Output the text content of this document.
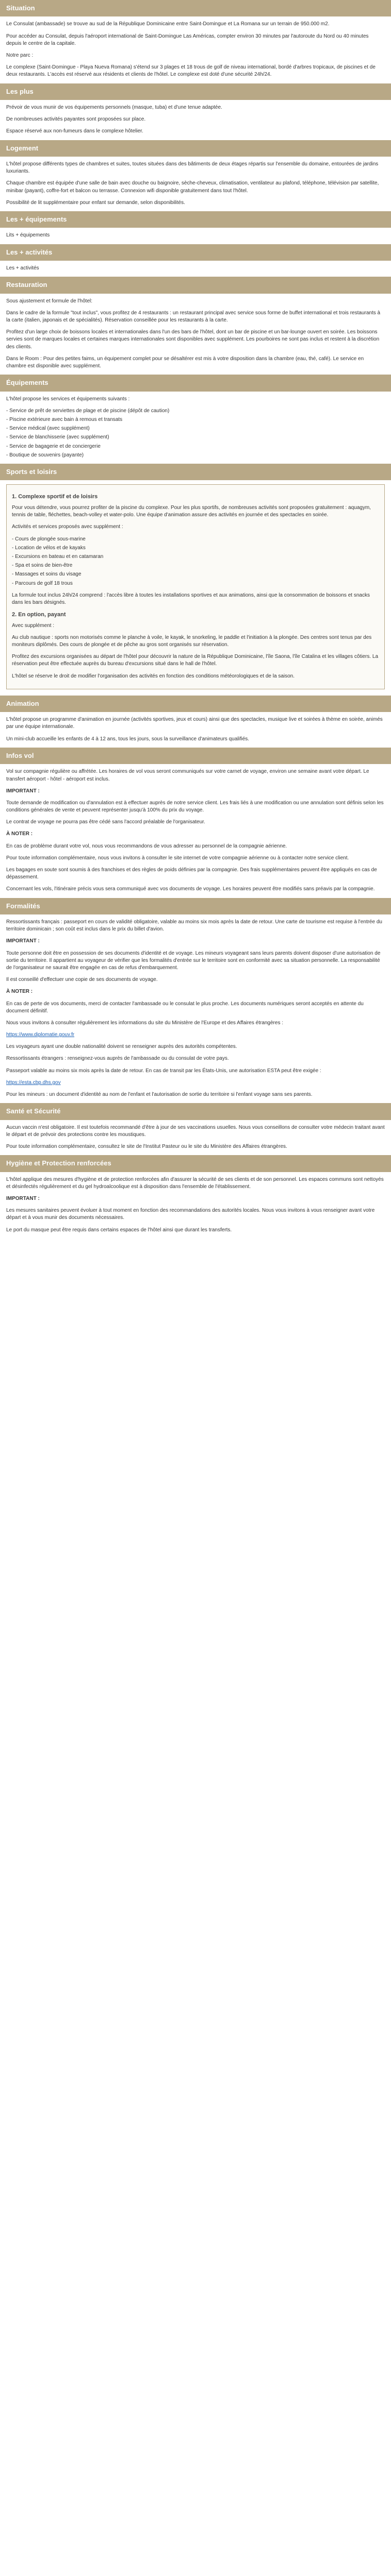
Situation

Le Consulat (ambassade) se trouve au sud de la République Dominicaine entre Saint-Domingue et La Romana sur un terrain de 950.000 m2.

Pour accéder au Consulat, depuis l'aéroport international de Saint-Domingue Las Américas, compter environ 30 minutes par l'autoroute du Nord ou 40 minutes depuis le centre de la capitale.

Notre parc :

Le complexe (Saint-Domingue - Playa Nueva Romana) s'étend sur 3 plages et 18 trous de golf de niveau international, bordé d'arbres tropicaux, de piscines et de deux restaurants. L'accès est réservé aux résidents et clients de l'hôtel. Le complexe est doté d'une sécurité 24h/24.

Les plus

Prévoir de vous munir de vos équipements personnels (masque, tuba) et d'une tenue adaptée.

De nombreuses activités payantes sont proposées sur place.

Espace réservé aux non-fumeurs dans le complexe hôtelier.

Logement

L'hôtel propose différents types de chambres et suites, toutes situées dans des bâtiments de deux étages répartis sur l'ensemble du domaine, entourées de jardins luxuriants.

Chaque chambre est équipée d'une salle de bain avec douche ou baignoire, sèche-cheveux, climatisation, ventilateur au plafond, téléphone, télévision par satellite, minibar (payant), coffre-fort et balcon ou terrasse. Connexion wifi disponible gratuitement dans tout l'hôtel.

Possibilité de lit supplémentaire pour enfant sur demande, selon disponibilités.

Les + équipements

Lits + équipements

Les + activités

Les + activités

Restauration

Sous ajustement et formule de l'hôtel:

Dans le cadre de la formule "tout inclus", vous profitez de 4 restaurants : un restaurant principal avec service sous forme de buffet international et trois restaurants à la carte (italien, japonais et de spécialités). Réservation conseillée pour les restaurants à la carte.

Profitez d'un large choix de boissons locales et internationales dans l'un des bars de l'hôtel, dont un bar de piscine et un bar-lounge ouvert en soirée. Les boissons servies sont de marques locales et certaines marques internationales sont disponibles avec supplément. Les pourboires ne sont pas inclus et restent à la discrétion des clients.

Dans le Room : Pour des petites faims, un équipement complet pour se désaltérer est mis à votre disposition dans la chambre (eau, thé, café). Le service en chambre est disponible avec supplément.

Équipements

L'hôtel propose les services et équipements suivants :

- Service de prêt de serviettes de plage et de piscine (dépôt de caution)
- Piscine extérieure avec bain à remous et transats
- Service médical (avec supplément)
- Service de blanchisserie (avec supplément)
- Service de bagagerie et de conciergerie
- Boutique de souvenirs (payante)
Sports et loisirs
1. Complexe sportif et de loisirs

Pour vous détendre, vous pourrez profiter de la piscine du complexe. Pour les plus sportifs, de nombreuses activités sont proposées gratuitement : aquagym, tennis de table, fléchettes, beach-volley et water-polo. Une équipe d'animation assure des activités en journée et des spectacles en soirée.

Activités et services proposés avec supplément :

- Cours de plongée sous-marine
- Location de vélos et de kayaks
- Excursions en bateau et en catamaran
- Spa et soins de bien-être
- Massages et soins du visage
- Parcours de golf 18 trous

La formule tout inclus 24h/24 comprend : l'accès libre à toutes les installations sportives et aux animations, ainsi que la consommation de boissons et snacks dans les bars désignés.

2. En option, payant

Avec supplément :

Au club nautique : sports non motorisés comme le planche à voile, le kayak, le snorkeling, le paddle et l'initiation à la plongée. Des centres sont tenus par des moniteurs diplômés. Des cours de plongée et de pêche au gros sont organisés sur réservation.

Profitez des excursions organisées au départ de l'hôtel pour découvrir la nature de la République Dominicaine, l'île Saona, l'île Catalina et les villages côtiers. La réservation peut être effectuée auprès du bureau d'excursions situé dans le hall de l'hôtel.

L'hôtel se réserve le droit de modifier l'organisation des activités en fonction des conditions météorologiques et de la saison.

Animation

L'hôtel propose un programme d'animation en journée (activités sportives, jeux et cours) ainsi que des spectacles, musique live et soirées à thème en soirée, animés par une équipe internationale.

Un mini-club accueille les enfants de 4 à 12 ans, tous les jours, sous la surveillance d'animateurs qualifiés.

Infos vol

Vol sur compagnie régulière ou affrétée. Les horaires de vol vous seront communiqués sur votre carnet de voyage, environ une semaine avant votre départ. Le transfert aéroport - hôtel - aéroport est inclus.

IMPORTANT :

Toute demande de modification ou d'annulation est à effectuer auprès de notre service client. Les frais liés à une modification ou une annulation sont définis selon les conditions générales de vente et peuvent représenter jusqu'à 100% du prix du voyage.

Le contrat de voyage ne pourra pas être cédé sans l'accord préalable de l'organisateur.

À NOTER :

En cas de problème durant votre vol, nous vous recommandons de vous adresser au personnel de la compagnie aérienne.

Pour toute information complémentaire, nous vous invitons à consulter le site internet de votre compagnie aérienne ou à contacter notre service client.

Les bagages en soute sont soumis à des franchises et des règles de poids définies par la compagnie. Des frais supplémentaires peuvent être appliqués en cas de dépassement.

Concernant les vols, l'itinéraire précis vous sera communiqué avec vos documents de voyage. Les horaires peuvent être modifiés sans préavis par la compagnie.

Formalités

Ressortissants français : passeport en cours de validité obligatoire, valable au moins six mois après la date de retour. Une carte de tourisme est requise à l'entrée du territoire dominicain ; son coût est inclus dans le prix du billet d'avion.

IMPORTANT :

Toute personne doit être en possession de ses documents d'identité et de voyage. Les mineurs voyageant sans leurs parents doivent disposer d'une autorisation de sortie du territoire. Il appartient au voyageur de vérifier que les formalités d'entrée sur le territoire sont en conformité avec sa situation personnelle. La responsabilité de l'organisateur ne saurait être engagée en cas de refus d'embarquement.

Il est conseillé d'effectuer une copie de ses documents de voyage.

À NOTER :

En cas de perte de vos documents, merci de contacter l'ambassade ou le consulat le plus proche. Les documents numériques seront acceptés en attente du document définitif.

Nous vous invitons à consulter régulièrement les informations du site du Ministère de l'Europe et des Affaires étrangères :

https://www.diplomatie.gouv.fr

Les voyageurs ayant une double nationalité doivent se renseigner auprès des autorités compétentes.

Ressortissants étrangers : renseignez-vous auprès de l'ambassade ou du consulat de votre pays.

Passeport valable au moins six mois après la date de retour. En cas de transit par les États-Unis, une autorisation ESTA peut être exigée :

https://esta.cbp.dhs.gov

Pour les mineurs : un document d'identité au nom de l'enfant et l'autorisation de sortie du territoire si l'enfant voyage sans ses parents.

Santé et Sécurité

Aucun vaccin n'est obligatoire. Il est toutefois recommandé d'être à jour de ses vaccinations usuelles. Nous vous conseillons de consulter votre médecin traitant avant le départ et de prévoir des protections contre les moustiques.

Pour toute information complémentaire, consultez le site de l'Institut Pasteur ou le site du Ministère des Affaires étrangères.

Hygiène et Protection renforcées

L'hôtel applique des mesures d'hygiène et de protection renforcées afin d'assurer la sécurité de ses clients et de son personnel. Les espaces communs sont nettoyés et désinfectés régulièrement et du gel hydroalcoolique est à disposition dans l'ensemble de l'établissement.

IMPORTANT :

Les mesures sanitaires peuvent évoluer à tout moment en fonction des recommandations des autorités locales. Nous vous invitons à vous renseigner avant votre départ et à vous munir des documents nécessaires.

Le port du masque peut être requis dans certains espaces de l'hôtel ainsi que durant les transferts.
